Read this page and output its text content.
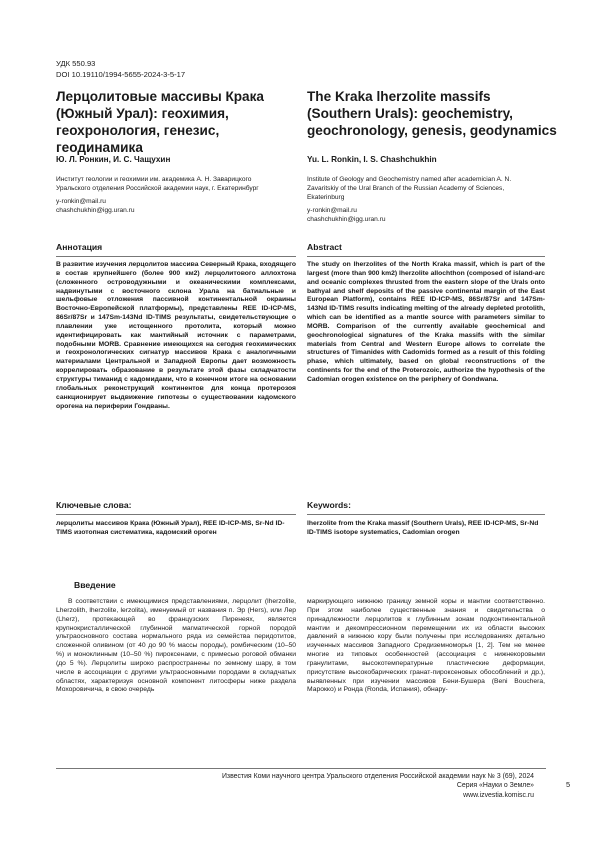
УДК 550.93
DOI 10.19110/1994-5655-2024-3-5-17
Лерцолитовые массивы Крака (Южный Урал): геохимия, геохронология, генезис, геодинамика
The Kraka lherzolite massifs (Southern Urals): geochemistry, geochronology, genesis, geodynamics
Ю. Л. Ронкин, И. С. Чащухин	Yu. L. Ronkin, I. S. Chashchukhin
Институт геологии и геохимии им. академика А. Н. Заварицкого Уральского отделения Российской академии наук, г. Екатеринбург
y-ronkin@mail.ru
chashchukhin@igg.uran.ru
Institute of Geology and Geochemistry named after academician A. N. Zavaritskiy of the Ural Branch of the Russian Academy of Sciences, Ekaterinburg
y-ronkin@mail.ru
chashchukhin@igg.uran.ru
Аннотация	Abstract
В развитие изучения лерцолитов массива Северный Крака, входящего в состав крупнейшего (более 900 км2) лерцолитового аллохтона (сложенного островодужными и океаническими комплексами, надвинутыми с восточного склона Урала на батиальные и шельфовые отложения пассивной континентальной окраины Восточно-Европейской платформы), представлены REE ID-ICP-MS, 86Sr/87Sr и 147Sm-143Nd ID-TIMS результаты, свидетельствующие о плавлении уже истощенного протолита, который можно идентифицировать как мантийный источник с параметрами, подобными MORB. Сравнение имеющихся на сегодня геохимических и геохронологических сигнатур массивов Крака с аналогичными материалами Центральной и Западной Европы дает возможность коррелировать образование в результате этой фазы складчатости структуры тиманид с кадомидами, что в конечном итоге на основании глобальных реконструкций континентов для конца протерозоя санкционирует выдвижение гипотезы о существовании кадомского орогена на периферии Гондваны.
The study on lherzolites of the North Kraka massif, which is part of the largest (more than 900 km2) lherzolite allochthon (composed of island-arc and oceanic complexes thrusted from the eastern slope of the Urals onto bathyal and shelf deposits of the passive continental margin of the East European Platform), contains REE ID-ICP-MS, 86Sr/87Sr and 147Sm-143Nd ID-TIMS results indicating melting of the already depleted protolith, which can be identified as a mantle source with parameters similar to MORB. Comparison of the currently available geochemical and geochronological signatures of the Kraka massifs with the similar materials from Central and Western Europe allows to correlate the structures of Timanides with Cadomids formed as a result of this folding phase, which ultimately, based on global reconstructions of the continents for the end of the Proterozoic, authorize the hypothesis of the Cadomian orogen existence on the periphery of Gondwana.
Ключевые слова:
лерцолиты массивов Крака (Южный Урал), REE ID-ICP-MS, Sr-Nd ID-TIMS изотопная систематика, кадомский ороген
Keywords:
lherzolite from the Kraka massif (Southern Urals), REE ID-ICP-MS, Sr-Nd ID-TIMS isotope systematics, Cadomian orogen
Введение

В соответствии с имеющимися представлениями, лерцолит (lherzolite, Lherzolith, lherzolite, lerzolita), именуемый от названия п. Эр (Hers), или Лер (Lherz), протекающей во французских Пиренеях, является крупнокристаллической глубинной магматической горной породой ультраосновного состава нормального ряда из семейства перидотитов, сложенной оливином (от 40 до 90 % массы породы), ромбическим (10–50 %) и моноклинным (10–50 %) пироксенами, с примесью роговой обманки (до 5 %). Лерцолиты широко распространены по земному шару, в том числе в ассоциации с другими ультраосновными породами в складчатых областях, характеризуя основной компонент литосферы ниже раздела Мохоровичича, в свою очередь

маркирующего нижнюю границу земной коры и мантии соответственно. При этом наиболее существенные знания и свидетельства о принадлежности лерцолитов к глубинным зонам подконтинентальной мантии и декомпрессионном перемещении их из области высоких давлений в нижнюю кору были получены при исследованиях детально изученных массивов Западного Средиземноморья [1, 2]. Тем не менее многие из типовых особенностей (ассоциация с нижнекоровыми гранулитами, высокотемпературные пластические деформации, присутствие высокобарических гранат-пироксеновых обособлений и др.), выявленных при изучении массивов Бени-Бушера (Beni Bouchera, Марокко) и Ронда (Ronda, Испания), обнару-

Известия Коми научного центра Уральского отделения Российской академии наук № 3 (69), 2024
Серия «Науки о Земле»
www.izvestia.komisc.ru
5
